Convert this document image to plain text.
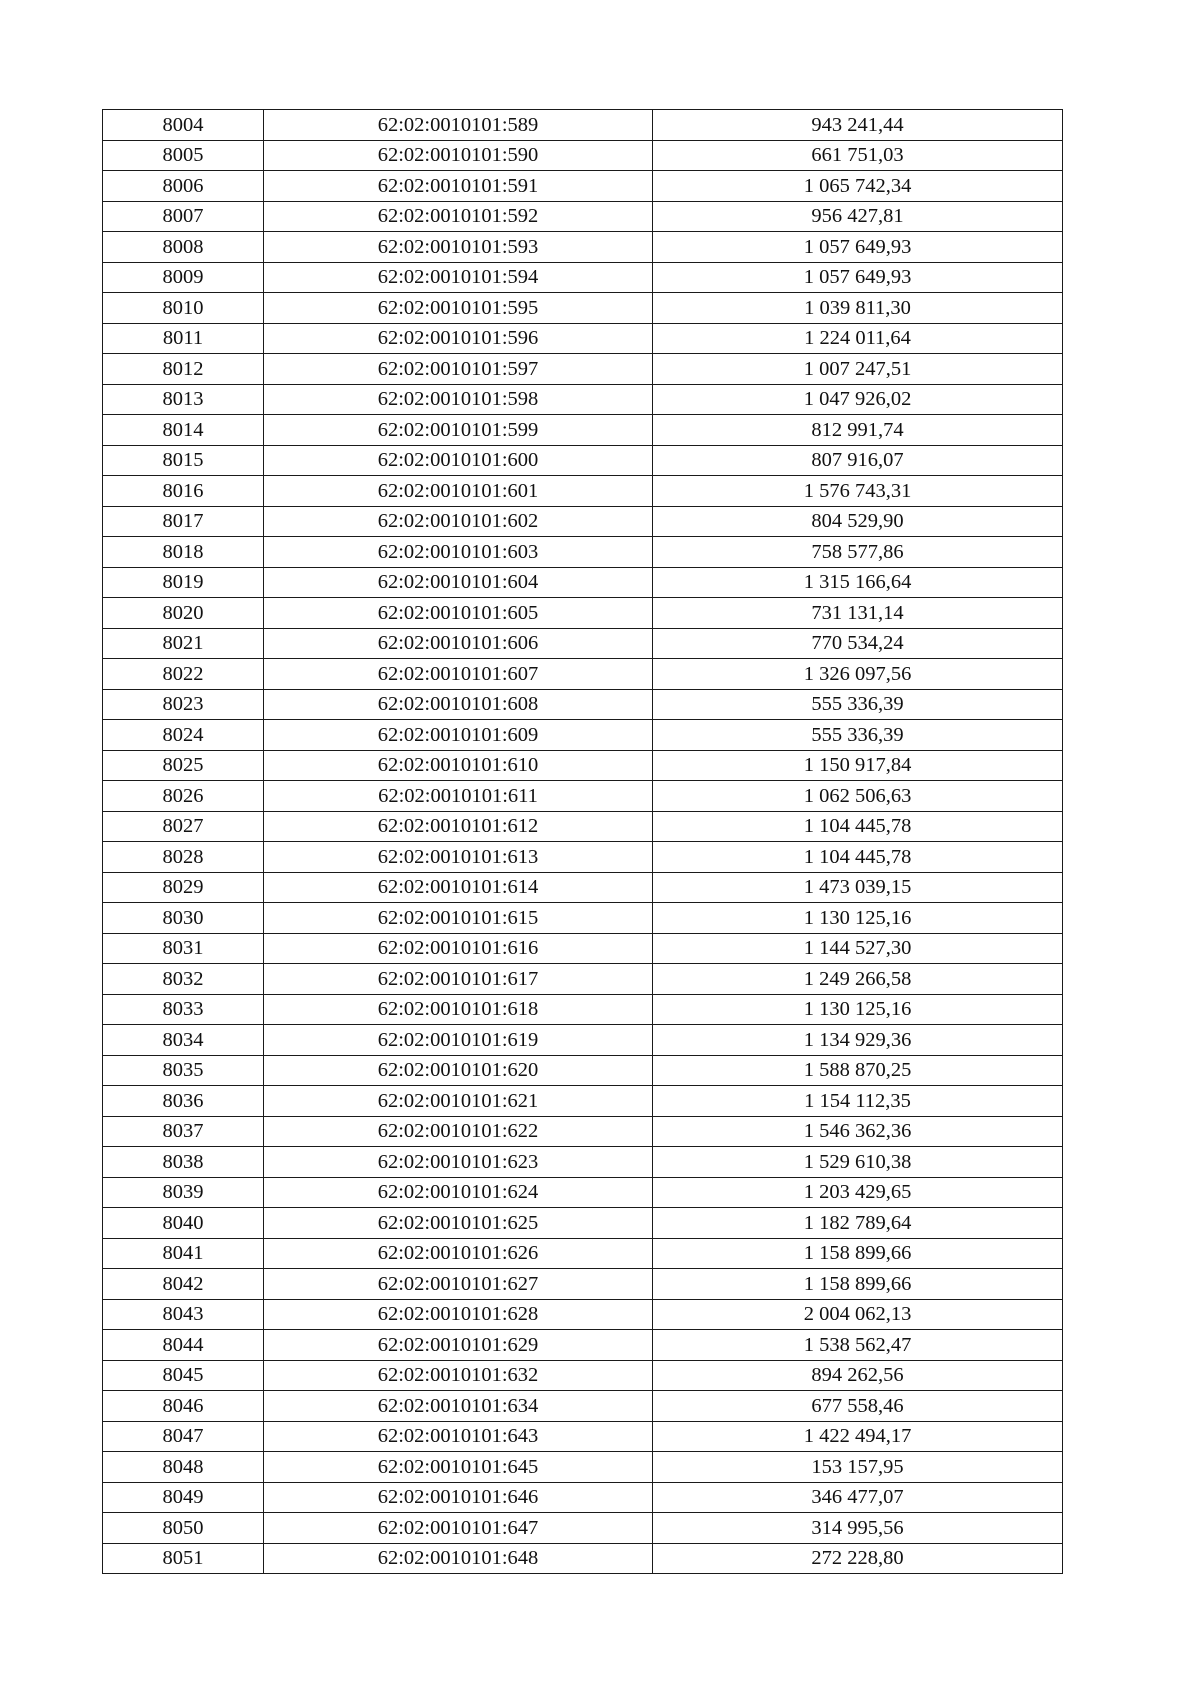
8004	62:02:0010101:589	943 241,44
8005	62:02:0010101:590	661 751,03
8006	62:02:0010101:591	1 065 742,34
8007	62:02:0010101:592	956 427,81
8008	62:02:0010101:593	1 057 649,93
8009	62:02:0010101:594	1 057 649,93
8010	62:02:0010101:595	1 039 811,30
8011	62:02:0010101:596	1 224 011,64
8012	62:02:0010101:597	1 007 247,51
8013	62:02:0010101:598	1 047 926,02
8014	62:02:0010101:599	812 991,74
8015	62:02:0010101:600	807 916,07
8016	62:02:0010101:601	1 576 743,31
8017	62:02:0010101:602	804 529,90
8018	62:02:0010101:603	758 577,86
8019	62:02:0010101:604	1 315 166,64
8020	62:02:0010101:605	731 131,14
8021	62:02:0010101:606	770 534,24
8022	62:02:0010101:607	1 326 097,56
8023	62:02:0010101:608	555 336,39
8024	62:02:0010101:609	555 336,39
8025	62:02:0010101:610	1 150 917,84
8026	62:02:0010101:611	1 062 506,63
8027	62:02:0010101:612	1 104 445,78
8028	62:02:0010101:613	1 104 445,78
8029	62:02:0010101:614	1 473 039,15
8030	62:02:0010101:615	1 130 125,16
8031	62:02:0010101:616	1 144 527,30
8032	62:02:0010101:617	1 249 266,58
8033	62:02:0010101:618	1 130 125,16
8034	62:02:0010101:619	1 134 929,36
8035	62:02:0010101:620	1 588 870,25
8036	62:02:0010101:621	1 154 112,35
8037	62:02:0010101:622	1 546 362,36
8038	62:02:0010101:623	1 529 610,38
8039	62:02:0010101:624	1 203 429,65
8040	62:02:0010101:625	1 182 789,64
8041	62:02:0010101:626	1 158 899,66
8042	62:02:0010101:627	1 158 899,66
8043	62:02:0010101:628	2 004 062,13
8044	62:02:0010101:629	1 538 562,47
8045	62:02:0010101:632	894 262,56
8046	62:02:0010101:634	677 558,46
8047	62:02:0010101:643	1 422 494,17
8048	62:02:0010101:645	153 157,95
8049	62:02:0010101:646	346 477,07
8050	62:02:0010101:647	314 995,56
8051	62:02:0010101:648	272 228,80
